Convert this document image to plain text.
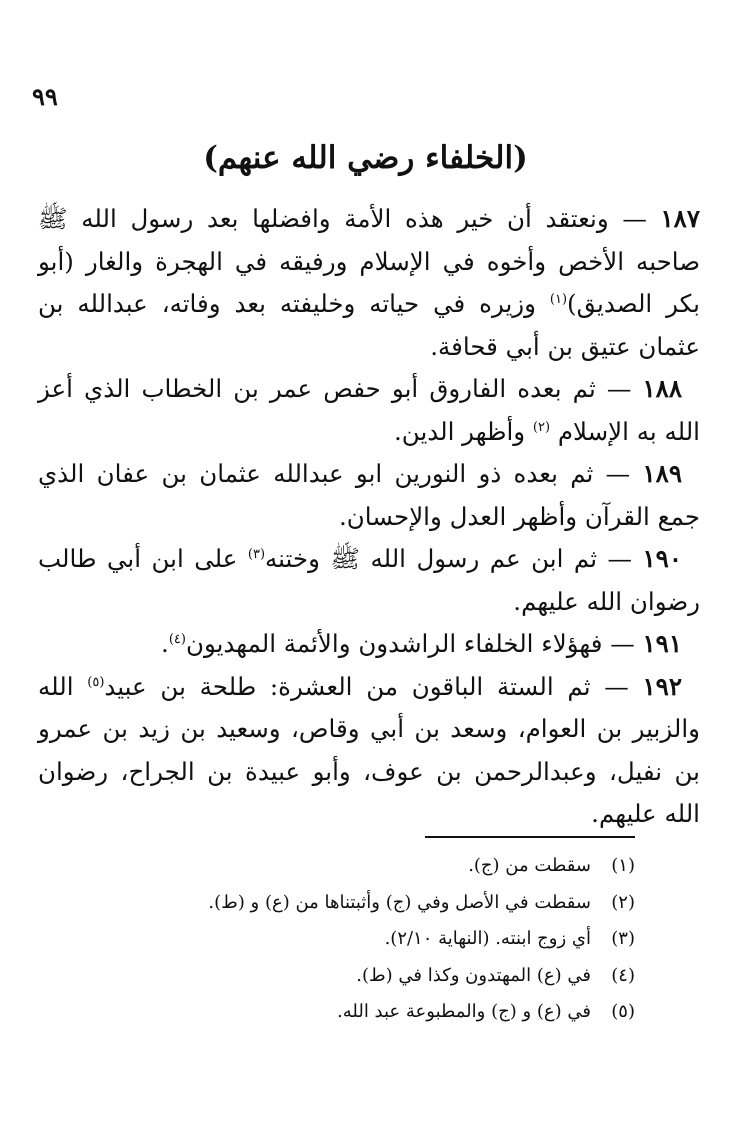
٩٩
(الخلفاء رضي الله عنهم)

١٨٧ — ونعتقد أن خير هذه الأمة وافضلها بعد رسول الله ﷺ صاحبه الأخص وأخوه في الإسلام ورفيقه في الهجرة والغار (أبو بكر الصديق)$^{(١)}$ وزيره في حياته وخليفته بعد وفاته، عبدالله بن عثمان عتيق بن أبي قحافة.

١٨٨ — ثم بعده الفاروق أبو حفص عمر بن الخطاب الذي أعز الله به الإسلام $^{(٢)}$ وأظهر الدين.

١٨٩ — ثم بعده ذو النورين ابو عبدالله عثمان بن عفان الذي جمع القرآن وأظهر العدل والإحسان.

١٩٠ — ثم ابن عم رسول الله ﷺ وختنه$^{(٣)}$ على ابن أبي طالب رضوان الله عليهم.

١٩١ — فهؤلاء الخلفاء الراشدون والأئمة المهديون$^{(٤)}$.

١٩٢ — ثم الستة الباقون من العشرة: طلحة بن عبيد$^{(٥)}$ الله والزبير بن العوام، وسعد بن أبي وقاص، وسعيد بن زيد بن عمرو بن نفيل، وعبدالرحمن بن عوف، وأبو عبيدة بن الجراح، رضوان الله عليهم.

(١)
سقطت من (ج).
(٢)
سقطت في الأصل وفي (ج) وأثبتناها من (ع) و (ط).
(٣)
أي زوج ابنته. (النهاية ٢/١٠).
(٤)
في (ع) المهتدون وكذا في (ط).
(٥)
في (ع) و (ج) والمطبوعة عبد الله.
